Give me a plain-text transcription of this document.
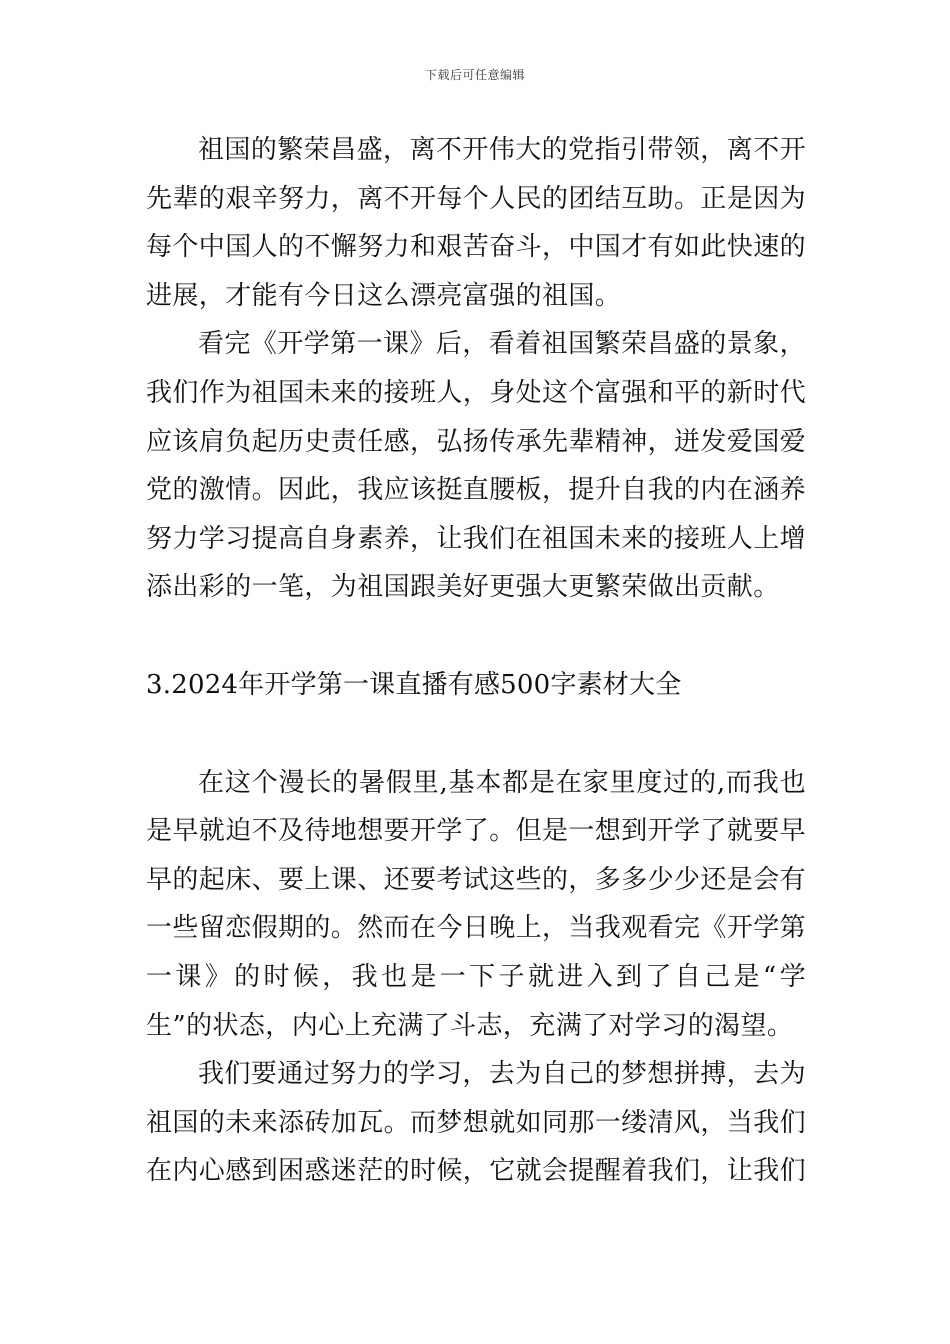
下载后可任意编辑

祖国的繁荣昌盛，离不开伟大的党指引带领，离不开先辈的艰辛努力，离不开每个人民的团结互助。正是因为每个中国人的不懈努力和艰苦奋斗，中国才有如此快速的进展，才能有今日这么漂亮富强的祖国。

看完《开学第一课》后，看着祖国繁荣昌盛的景象，我们作为祖国未来的接班人，身处这个富强和平的新时代应该肩负起历史责任感，弘扬传承先辈精神，迸发爱国爱党的激情。因此，我应该挺直腰板，提升自我的内在涵养努力学习提高自身素养，让我们在祖国未来的接班人上增添出彩的一笔，为祖国跟美好更强大更繁荣做出贡献。

3.2024年开学第一课直播有感500字素材大全

在这个漫长的暑假里,基本都是在家里度过的,而我也是早就迫不及待地想要开学了。但是一想到开学了就要早早的起床、要上课、还要考试这些的，多多少少还是会有一些留恋假期的。然而在今日晚上，当我观看完《开学第一课》的时候，我也是一下子就进入到了自己是“学生”的状态，内心上充满了斗志，充满了对学习的渴望。

我们要通过努力的学习，去为自己的梦想拼搏，去为祖国的未来添砖加瓦。而梦想就如同那一缕清风，当我们在内心感到困惑迷茫的时候，它就会提醒着我们，让我们
